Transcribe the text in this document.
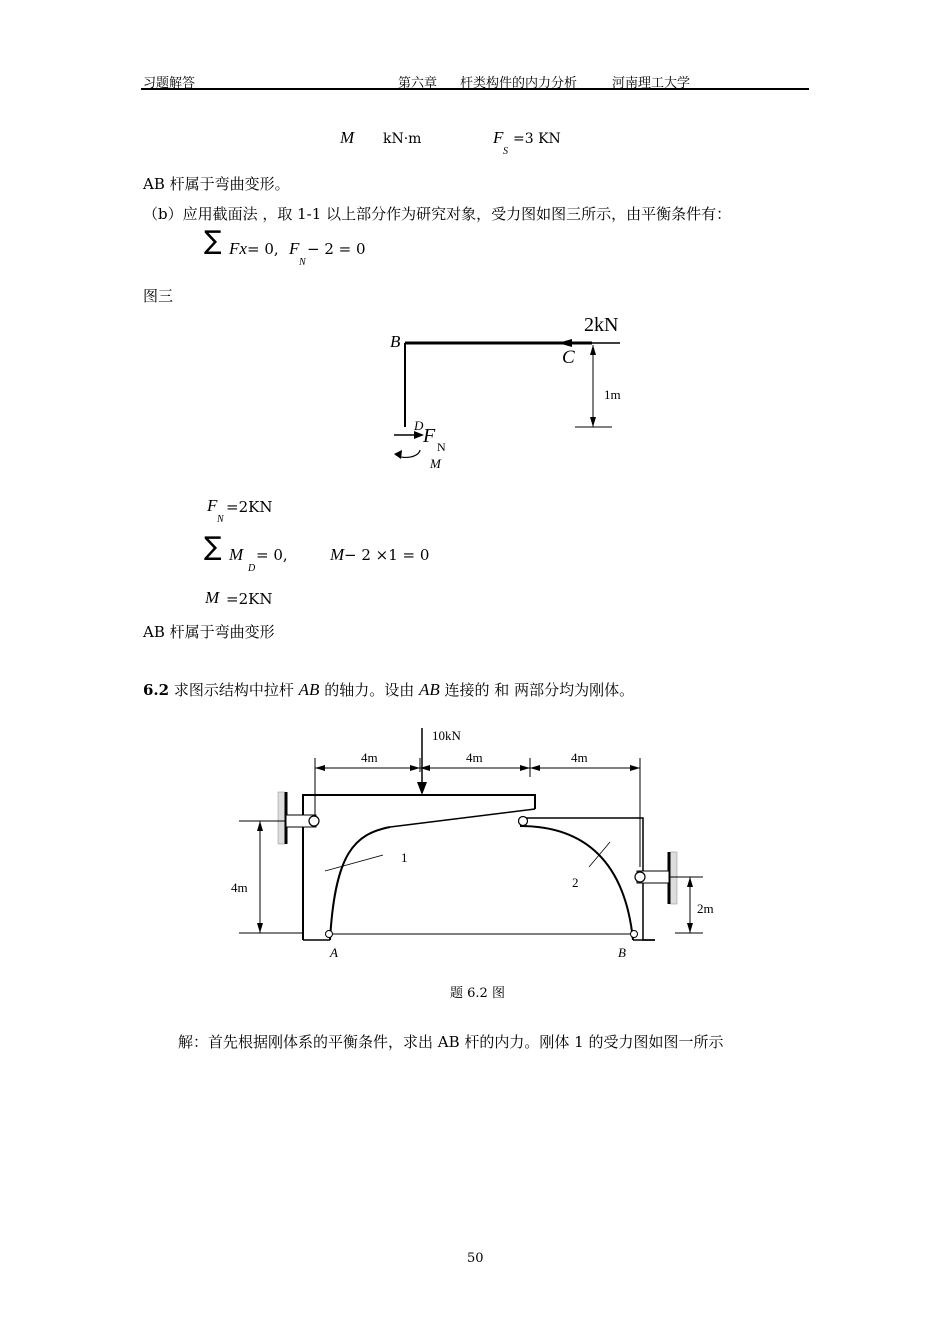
习题解答	第六章 杆类构件的内力分析	河南理工大学
M kN·m	F
S
=3 KN
AB 杆属于弯曲变形。
（b）应用截面法 ，取 1-1 以上部分作为研究对象，受力图如图三所示，由平衡条件有：
∑ Fx = 0, F
N
− 2 = 0
图三
B
C
2kN
1m
D F N
M
F
N
=2KN
∑ M
D
= 0, M − 2 ×1 = 0
M =2KN
AB 杆属于弯曲变形
6.2 求图示结构中拉杆 AB 的轴力。设由 AB 连接的 和 两部分均为刚体。
4m	4m	4m
10kN
4m
2m
1
2
A	B
题 6.2 图
解：首先根据刚体系的平衡条件，求出 AB 杆的内力。刚体 1 的受力图如图一所示
50
